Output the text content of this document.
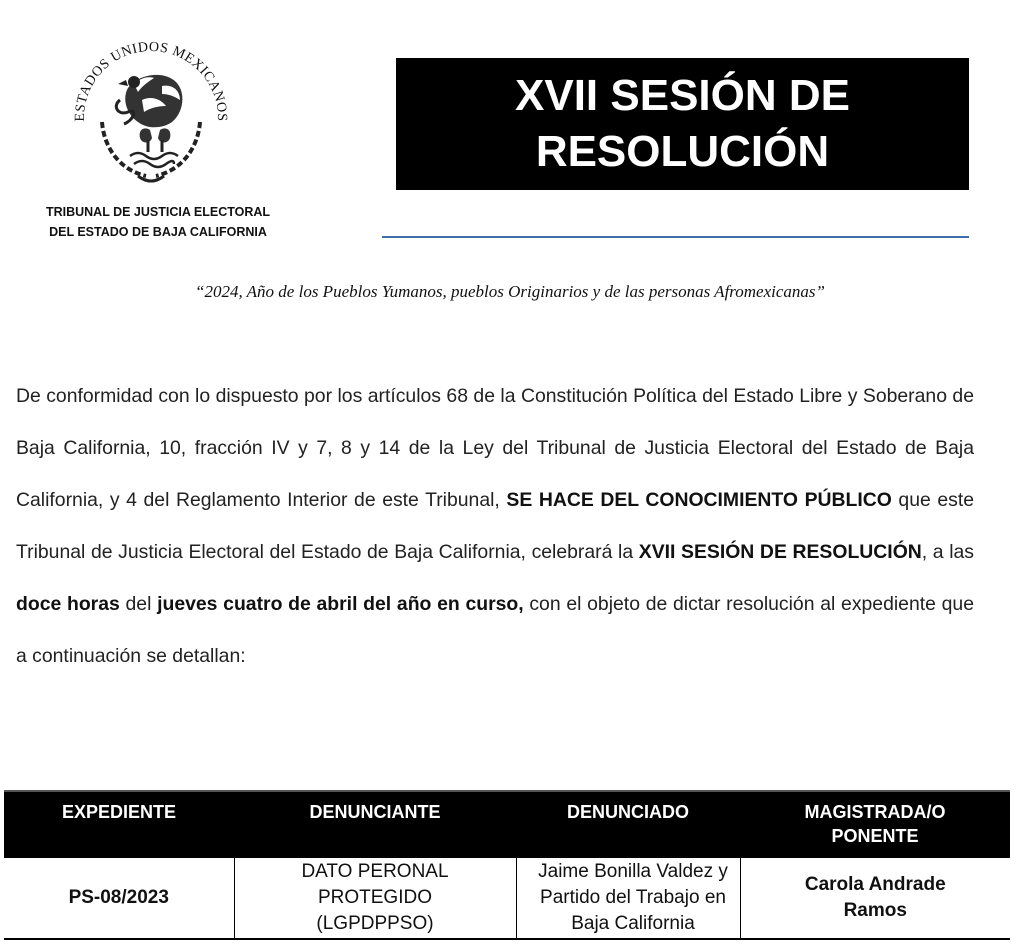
ESTADOS UNIDOS MEXICANOS
TRIBUNAL DE JUSTICIA ELECTORAL
DEL ESTADO DE BAJA CALIFORNIA
XVII SESIÓN DE
RESOLUCIÓN
“2024, Año de los Pueblos Yumanos, pueblos Originarios y de las personas Afromexicanas”
De conformidad con lo dispuesto por los artículos 68 de la Constitución Política del Estado Libre y Soberano de Baja California, 10, fracción IV y 7, 8 y 14 de la Ley del Tribunal de Justicia Electoral del Estado de Baja California, y 4 del Reglamento Interior de este Tribunal, SE HACE DEL CONOCIMIENTO PÚBLICO que este Tribunal de Justicia Electoral del Estado de Baja California, celebrará la XVII SESIÓN DE RESOLUCIÓN, a las doce horas del jueves cuatro de abril del año en curso, con el objeto de dictar resolución al expediente que a continuación se detallan:
EXPEDIENTE	DENUNCIANTE	DENUNCIADO	MAGISTRADA/O PONENTE
PS-08/2023	DATO PERONAL PROTEGIDO (LGPDPPSO)	Jaime Bonilla Valdez y Partido del Trabajo en Baja California	Carola Andrade Ramos
